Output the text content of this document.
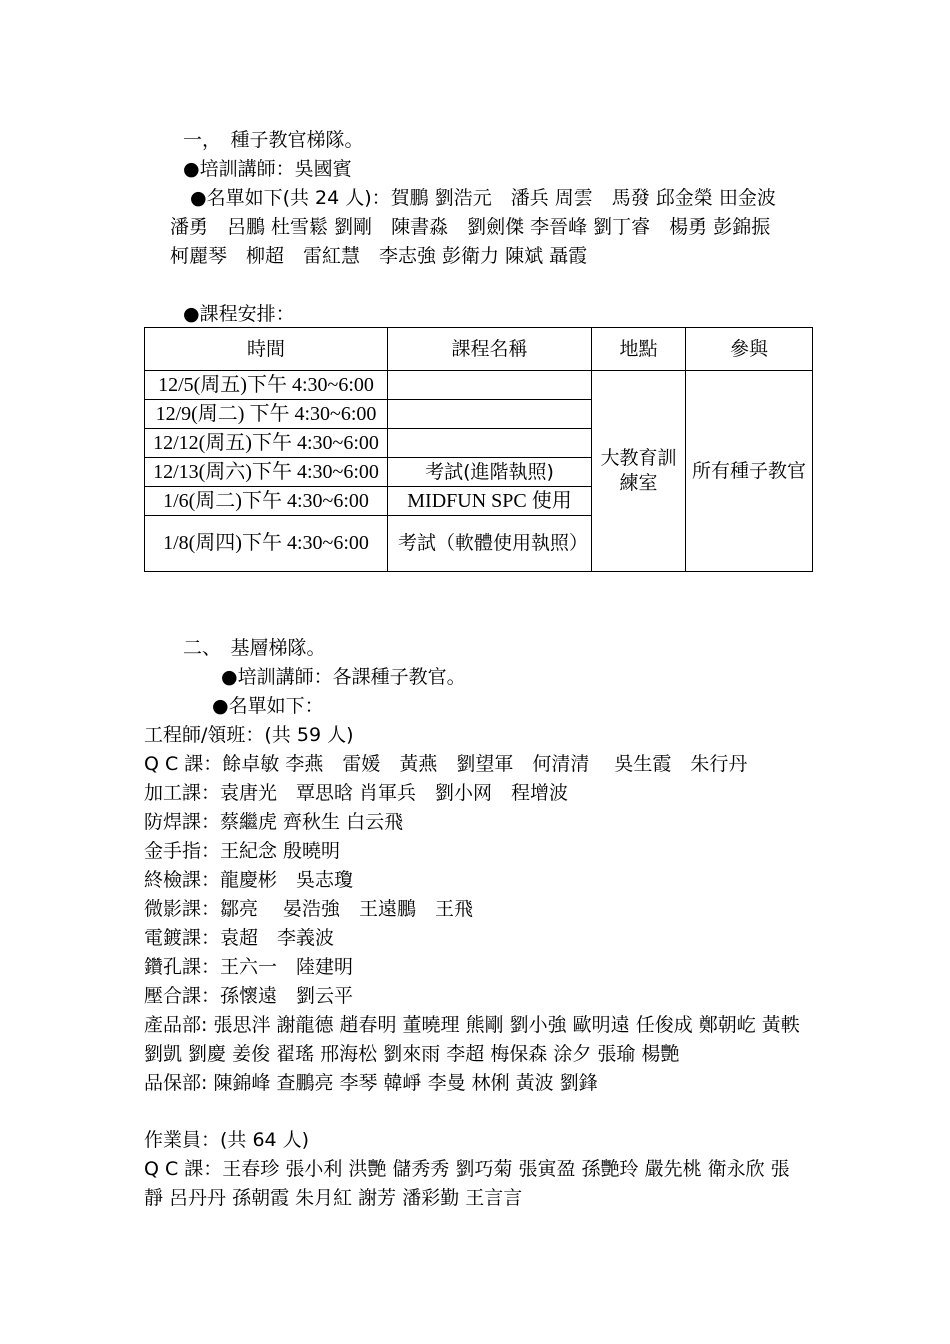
一，　種子教官梯隊。
●培訓講師：吳國賓
●名單如下(共 24 人)：賀鵬 劉浩元　潘兵 周雲　馬發 邱金榮 田金波
潘勇　呂鵬 杜雪鬆 劉剛　陳書淼　劉劍傑 李晉峰 劉丁睿　楊勇 彭錦振
柯麗琴　柳超　雷紅慧　李志強 彭衛力 陳斌 聶霞
●課程安排：
時間	課程名稱	地點	參與
12/5(周五)下午 4:30~6:00		大教育訓練室	所有種子教官
12/9(周二) 下午 4:30~6:00			
12/12(周五)下午 4:30~6:00			
12/13(周六)下午 4:30~6:00	考試(進階執照)		
1/6(周二)下午 4:30~6:00	MIDFUN SPC 使用		
1/8(周四)下午 4:30~6:00	考試（軟體使用執照）		
二、　基層梯隊。
●培訓講師：各課種子教官。
●名單如下：
工程師/領班：(共 59 人)
Q C 課：餘卓敏 李燕　雷媛　黃燕　劉望軍　何清清　 吳生霞　朱行丹
加工課：袁唐光　覃思晗 肖軍兵　劉小网　程增波
防焊課：蔡繼虎 齊秋生 白云飛
金手指：王紀念 殷曉明
終檢課：龍慶彬　吳志瓊
微影課：鄒亮　 晏浩強　王遠鵬　王飛
電鍍課：袁超　李義波
鑽孔課：王六一　陸建明
壓合課：孫懷遠　劉云平
產品部: 張思泮 謝龍德 趙春明 董曉理 熊剛 劉小強 歐明遠 任俊成 鄭朝屹 黃軼
劉凱 劉慶 姜俊 翟瑤 邢海松 劉來雨 李超 梅保森 涂夕 張瑜 楊艷
品保部: 陳錦峰 查鵬亮 李琴 韓崢 李曼 林俐 黃波 劉鋒
作業員：(共 64 人)
Q C 課：王春珍 張小利 洪艷 儲秀秀 劉巧菊 張寅盈 孫艷玲 嚴先桃 衛永欣 張
靜 呂丹丹 孫朝霞 朱月紅 謝芳 潘彩勤 王言言
